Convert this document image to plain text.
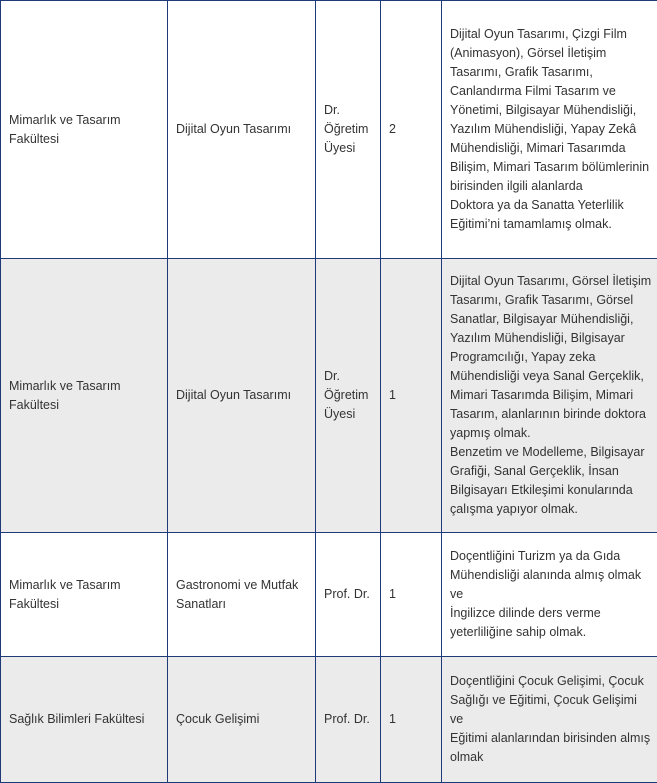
Mimarlık ve Tasarım Fakültesi	Dijital Oyun Tasarımı	Dr. Öğretim Üyesi	2	Dijital Oyun Tasarımı, Çizgi Film (Animasyon), Görsel İletişim Tasarımı, Grafik Tasarımı, Canlandırma Filmi Tasarım ve Yönetimi, Bilgisayar Mühendisliği, Yazılım Mühendisliği, Yapay Zekâ Mühendisliği, Mimari Tasarımda Bilişim, Mimari Tasarım bölümlerinin birisinden ilgili alanlarda
Doktora ya da Sanatta Yeterlilik Eğitimi’ni tamamlamış olmak.

Mimarlık ve Tasarım Fakültesi	Dijital Oyun Tasarımı	Dr. Öğretim Üyesi	1	Dijital Oyun Tasarımı, Görsel İletişim Tasarımı, Grafik Tasarımı, Görsel Sanatlar, Bilgisayar Mühendisliği, Yazılım Mühendisliği, Bilgisayar Programcılığı, Yapay zeka Mühendisliği veya Sanal Gerçeklik, Mimari Tasarımda Bilişim, Mimari Tasarım, alanlarının birinde doktora yapmış olmak.
Benzetim ve Modelleme, Bilgisayar Grafiği, Sanal Gerçeklik, İnsan Bilgisayarı Etkileşimi konularında çalışma yapıyor olmak.

Mimarlık ve Tasarım Fakültesi	Gastronomi ve Mutfak Sanatları	Prof. Dr.	1	Doçentliğini Turizm ya da Gıda Mühendisliği alanında almış olmak ve
İngilizce dilinde ders verme yeterliliğine sahip olmak.

Sağlık Bilimleri Fakültesi	Çocuk Gelişimi	Prof. Dr.	1	Doçentliğini Çocuk Gelişimi, Çocuk Sağlığı ve Eğitimi, Çocuk Gelişimi ve
Eğitimi alanlarından birisinden almış olmak
